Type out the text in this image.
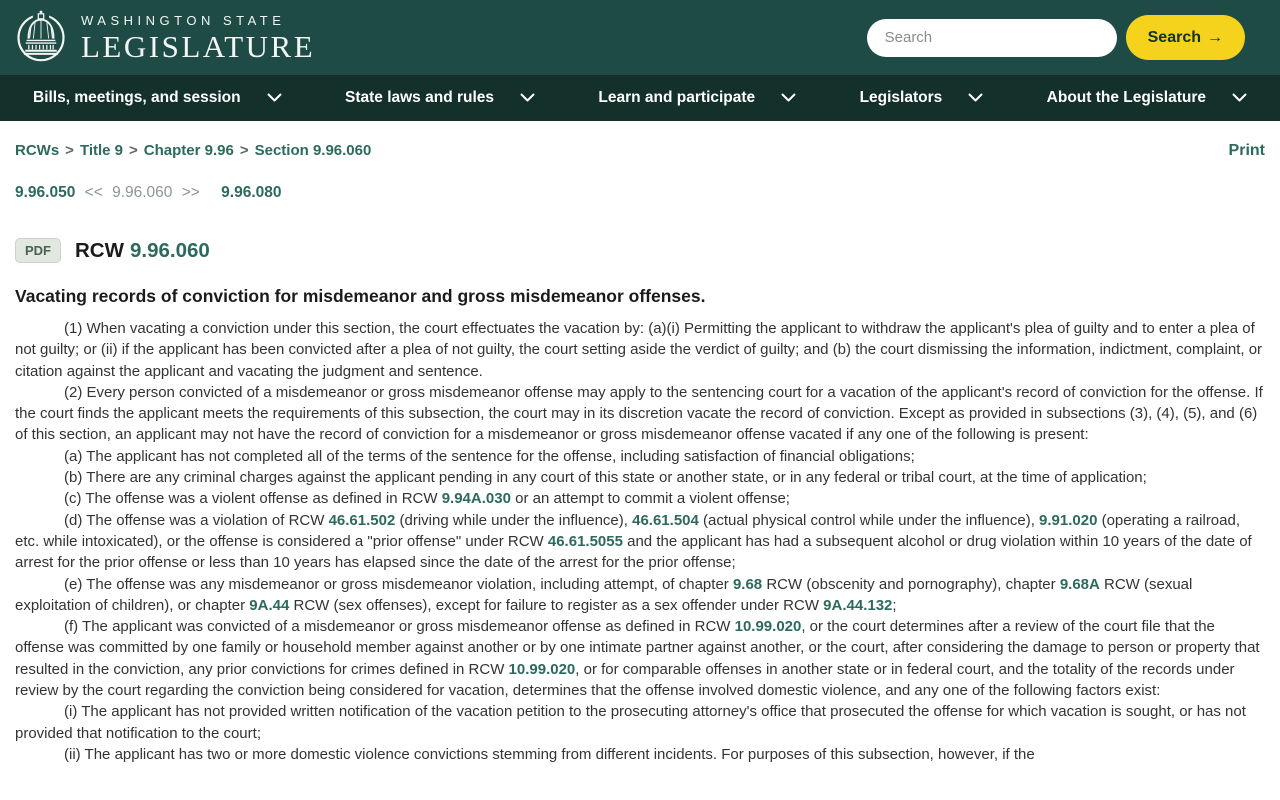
WASHINGTON STATE
LEGISLATURE
Search	Search →
Bills, meetings, and session	State laws and rules	Learn and participate	Legislators	About the Legislature
RCWs > Title 9 > Chapter 9.96 > Section 9.96.060	Print
9.96.050 << 9.96.060 >> 9.96.080
PDF	RCW 9.96.060
Vacating records of conviction for misdemeanor and gross misdemeanor offenses.

(1) When vacating a conviction under this section, the court effectuates the vacation by: (a)(i) Permitting the applicant to withdraw the applicant's plea of guilty and to enter a plea of not guilty; or (ii) if the applicant has been convicted after a plea of not guilty, the court setting aside the verdict of guilty; and (b) the court dismissing the information, indictment, complaint, or citation against the applicant and vacating the judgment and sentence.

(2) Every person convicted of a misdemeanor or gross misdemeanor offense may apply to the sentencing court for a vacation of the applicant's record of conviction for the offense. If the court finds the applicant meets the requirements of this subsection, the court may in its discretion vacate the record of conviction. Except as provided in subsections (3), (4), (5), and (6) of this section, an applicant may not have the record of conviction for a misdemeanor or gross misdemeanor offense vacated if any one of the following is present:

(a) The applicant has not completed all of the terms of the sentence for the offense, including satisfaction of financial obligations;

(b) There are any criminal charges against the applicant pending in any court of this state or another state, or in any federal or tribal court, at the time of application;

(c) The offense was a violent offense as defined in RCW 9.94A.030 or an attempt to commit a violent offense;

(d) The offense was a violation of RCW 46.61.502 (driving while under the influence), 46.61.504 (actual physical control while under the influence), 9.91.020 (operating a railroad, etc. while intoxicated), or the offense is considered a "prior offense" under RCW 46.61.5055 and the applicant has had a subsequent alcohol or drug violation within 10 years of the date of arrest for the prior offense or less than 10 years has elapsed since the date of the arrest for the prior offense;

(e) The offense was any misdemeanor or gross misdemeanor violation, including attempt, of chapter 9.68 RCW (obscenity and pornography), chapter 9.68A RCW (sexual exploitation of children), or chapter 9A.44 RCW (sex offenses), except for failure to register as a sex offender under RCW 9A.44.132;

(f) The applicant was convicted of a misdemeanor or gross misdemeanor offense as defined in RCW 10.99.020, or the court determines after a review of the court file that the offense was committed by one family or household member against another or by one intimate partner against another, or the court, after considering the damage to person or property that resulted in the conviction, any prior convictions for crimes defined in RCW 10.99.020, or for comparable offenses in another state or in federal court, and the totality of the records under review by the court regarding the conviction being considered for vacation, determines that the offense involved domestic violence, and any one of the following factors exist:

(i) The applicant has not provided written notification of the vacation petition to the prosecuting attorney's office that prosecuted the offense for which vacation is sought, or has not provided that notification to the court;

(ii) The applicant has two or more domestic violence convictions stemming from different incidents. For purposes of this subsection, however, if the
